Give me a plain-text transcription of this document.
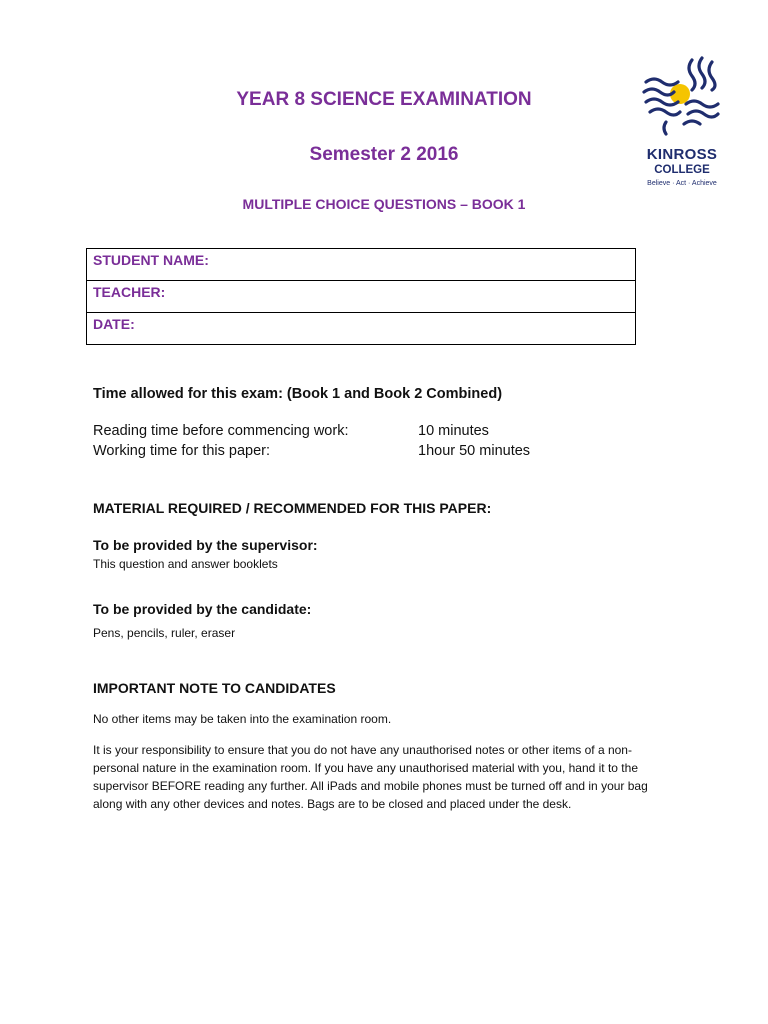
YEAR 8 SCIENCE EXAMINATION
Semester 2 2016
MULTIPLE CHOICE QUESTIONS – BOOK 1
KINROSS
COLLEGE
Believe · Act · Achieve
STUDENT NAME:
TEACHER:
DATE:
Time allowed for this exam: (Book 1 and Book 2 Combined)
Reading time before commencing work:	10 minutes
Working time for this paper:	1hour 50 minutes
MATERIAL REQUIRED / RECOMMENDED FOR THIS PAPER:
To be provided by the supervisor:
This question and answer booklets
To be provided by the candidate:
Pens, pencils, ruler, eraser
IMPORTANT NOTE TO CANDIDATES
No other items may be taken into the examination room.
It is your responsibility to ensure that you do not have any unauthorised notes or other items of a non-personal nature in the examination room. If you have any unauthorised material with you, hand it to the supervisor BEFORE reading any further. All iPads and mobile phones must be turned off and in your bag along with any other devices and notes. Bags are to be closed and placed under the desk.
